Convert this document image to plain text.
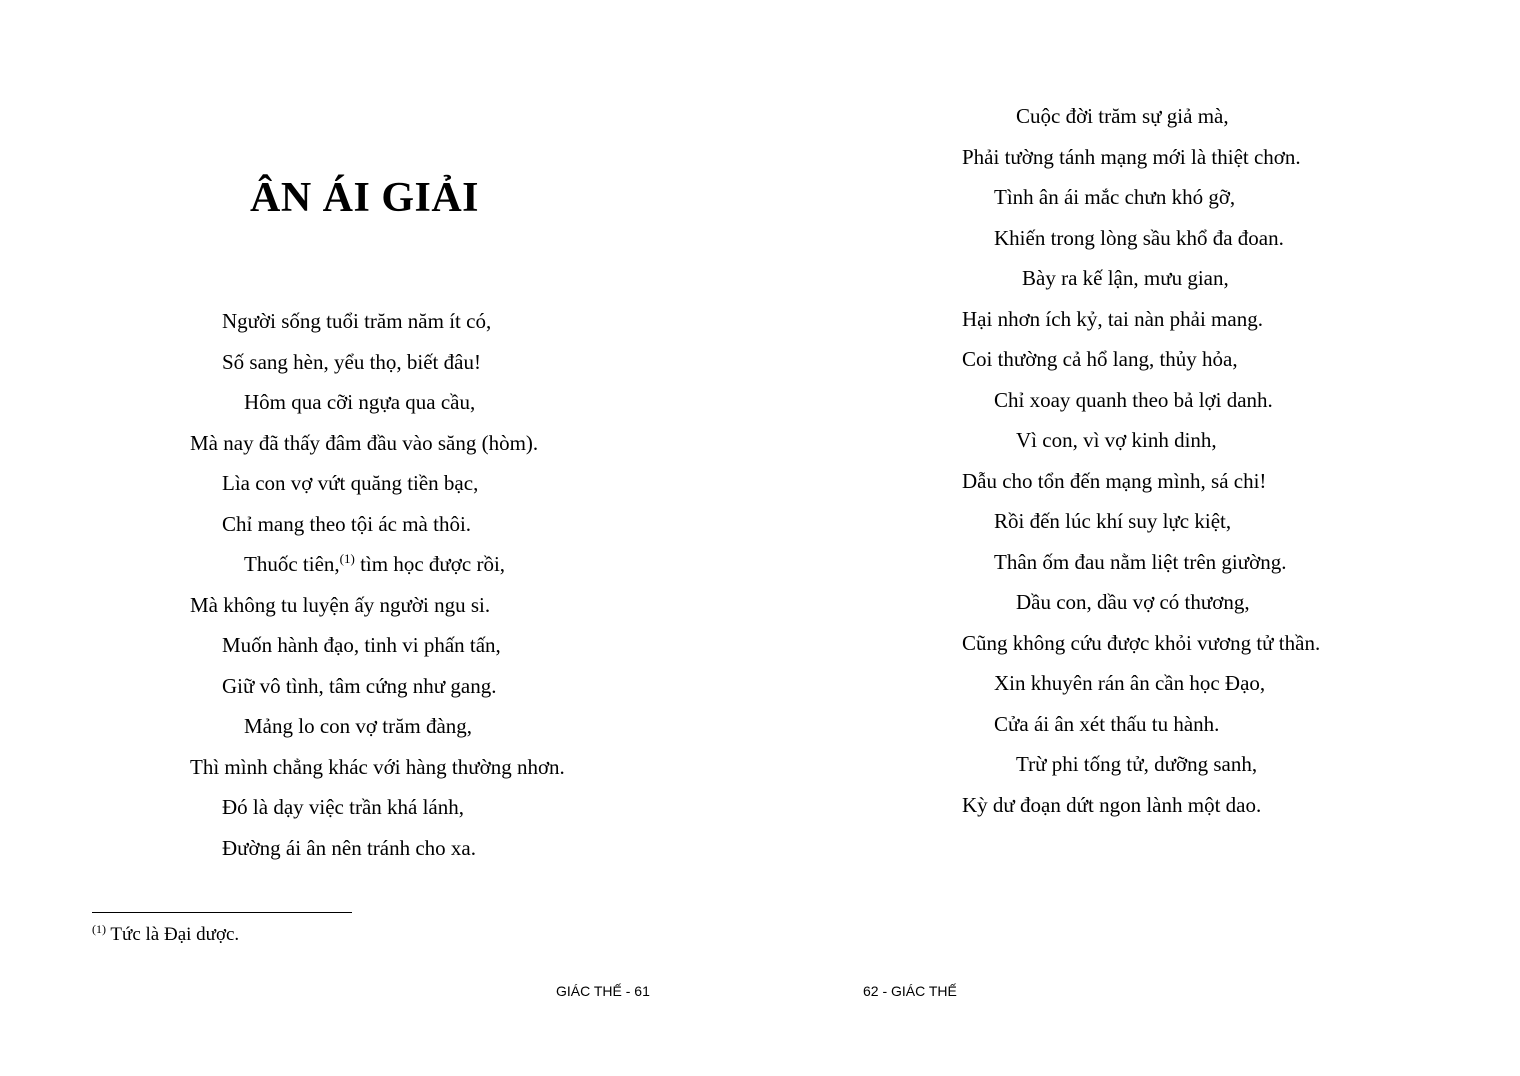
ÂN ÁI GIẢI
Người sống tuổi trăm năm ít có,
Số sang hèn, yểu thọ, biết đâu!
Hôm qua cỡi ngựa qua cầu,
Mà nay đã thấy đâm đầu vào săng (hòm).
Lìa con vợ vứt quăng tiền bạc,
Chỉ mang theo tội ác mà thôi.
Thuốc tiên,$^{(1)}$ tìm học được rồi,
Mà không tu luyện ấy người ngu si.
Muốn hành đạo, tinh vi phấn tấn,
Giữ vô tình, tâm cứng như gang.
Mảng lo con vợ trăm đàng,
Thì mình chẳng khác với hàng thường nhơn.
Đó là dạy việc trần khá lánh,
Đường ái ân nên tránh cho xa.
$^{(1)}$ Tức là Đại dược.
GIÁC THẾ - 61
Cuộc đời trăm sự giả mà,
Phải tường tánh mạng mới là thiệt chơn.
Tình ân ái mắc chưn khó gỡ,
Khiến trong lòng sầu khổ đa đoan.
Bày ra kế lận, mưu gian,
Hại nhơn ích kỷ, tai nàn phải mang.
Coi thường cả hổ lang, thủy hỏa,
Chỉ xoay quanh theo bả lợi danh.
Vì con, vì vợ kinh dinh,
Dẫu cho tổn đến mạng mình, sá chi!
Rồi đến lúc khí suy lực kiệt,
Thân ốm đau nằm liệt trên giường.
Dầu con, dầu vợ có thương,
Cũng không cứu được khỏi vương tử thần.
Xin khuyên rán ân cần học Đạo,
Cửa ái ân xét thấu tu hành.
Trừ phi tống tử, dưỡng sanh,
Kỳ dư đoạn dứt ngon lành một dao.
62 - GIÁC THẾ
